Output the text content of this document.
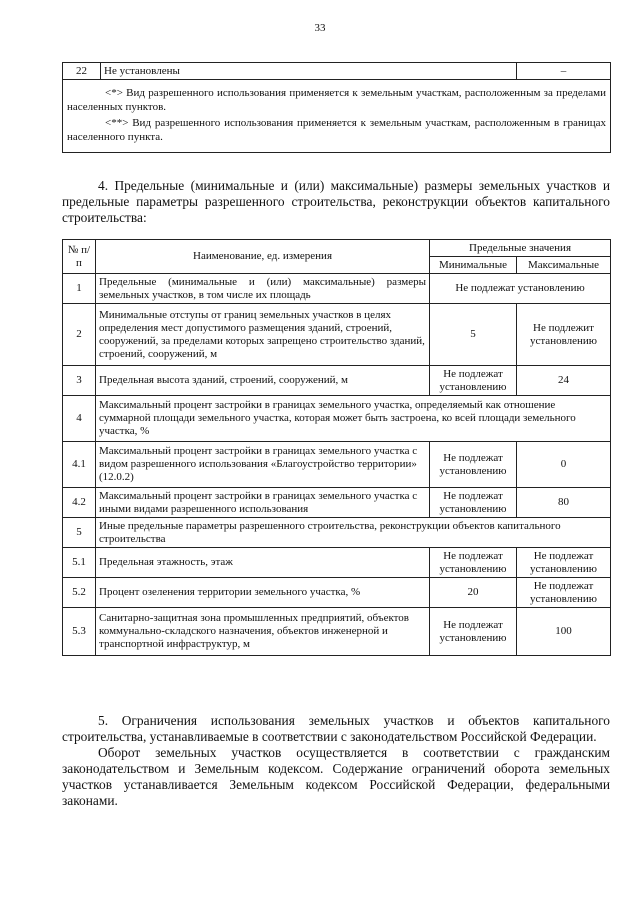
33
22	Не установлены	–

<*> Вид разрешенного использования применяется к земельным участкам, расположенным за пределами населенных пунктов.

<**> Вид разрешенного использования применяется к земельным участкам, расположенным в границах населенного пункта.

4. Предельные (минимальные и (или) максимальные) размеры земельных участков и предельные параметры разрешенного строительства, реконструкции объектов капитального строительства:

№ п/п	Наименование, ед. измерения	Предельные значения	
		Минимальные	Максимальные
1	Предельные (минимальные и (или) максимальные) размеры земельных участков, в том числе их площадь	Не подлежат установлению	
2	Минимальные отступы от границ земельных участков в целях определения мест допустимого размещения зданий, строений, сооружений, за пределами которых запрещено строительство зданий, строений, сооружений, м	5	Не подлежит установлению
3	Предельная высота зданий, строений, сооружений, м	Не подлежат установлению	24
4	Максимальный процент застройки в границах земельного участка, определяемый как отношение суммарной площади земельного участка, которая может быть застроена, ко всей площади земельного участка, %		
4.1	Максимальный процент застройки в границах земельного участка с видом разрешенного использования «Благоустройство территории» (12.0.2)	Не подлежат установлению	0
4.2	Максимальный процент застройки в границах земельного участка с иными видами разрешенного использования	Не подлежат установлению	80
5	Иные предельные параметры разрешенного строительства, реконструкции объектов капитального строительства		
5.1	Предельная этажность, этаж	Не подлежат установлению	Не подлежат установлению
5.2	Процент озеленения территории земельного участка, %	20	Не подлежат установлению
5.3	Санитарно-защитная зона промышленных предприятий, объектов коммунально-складского назначения, объектов инженерной и транспортной инфраструктур, м	Не подлежат установлению	100

5. Ограничения использования земельных участков и объектов капитального строительства, устанавливаемые в соответствии с законодательством Российской Федерации.

Оборот земельных участков осуществляется в соответствии с гражданским законодательством и Земельным кодексом. Содержание ограничений оборота земельных участков устанавливается Земельным кодексом Российской Федерации, федеральными законами.
